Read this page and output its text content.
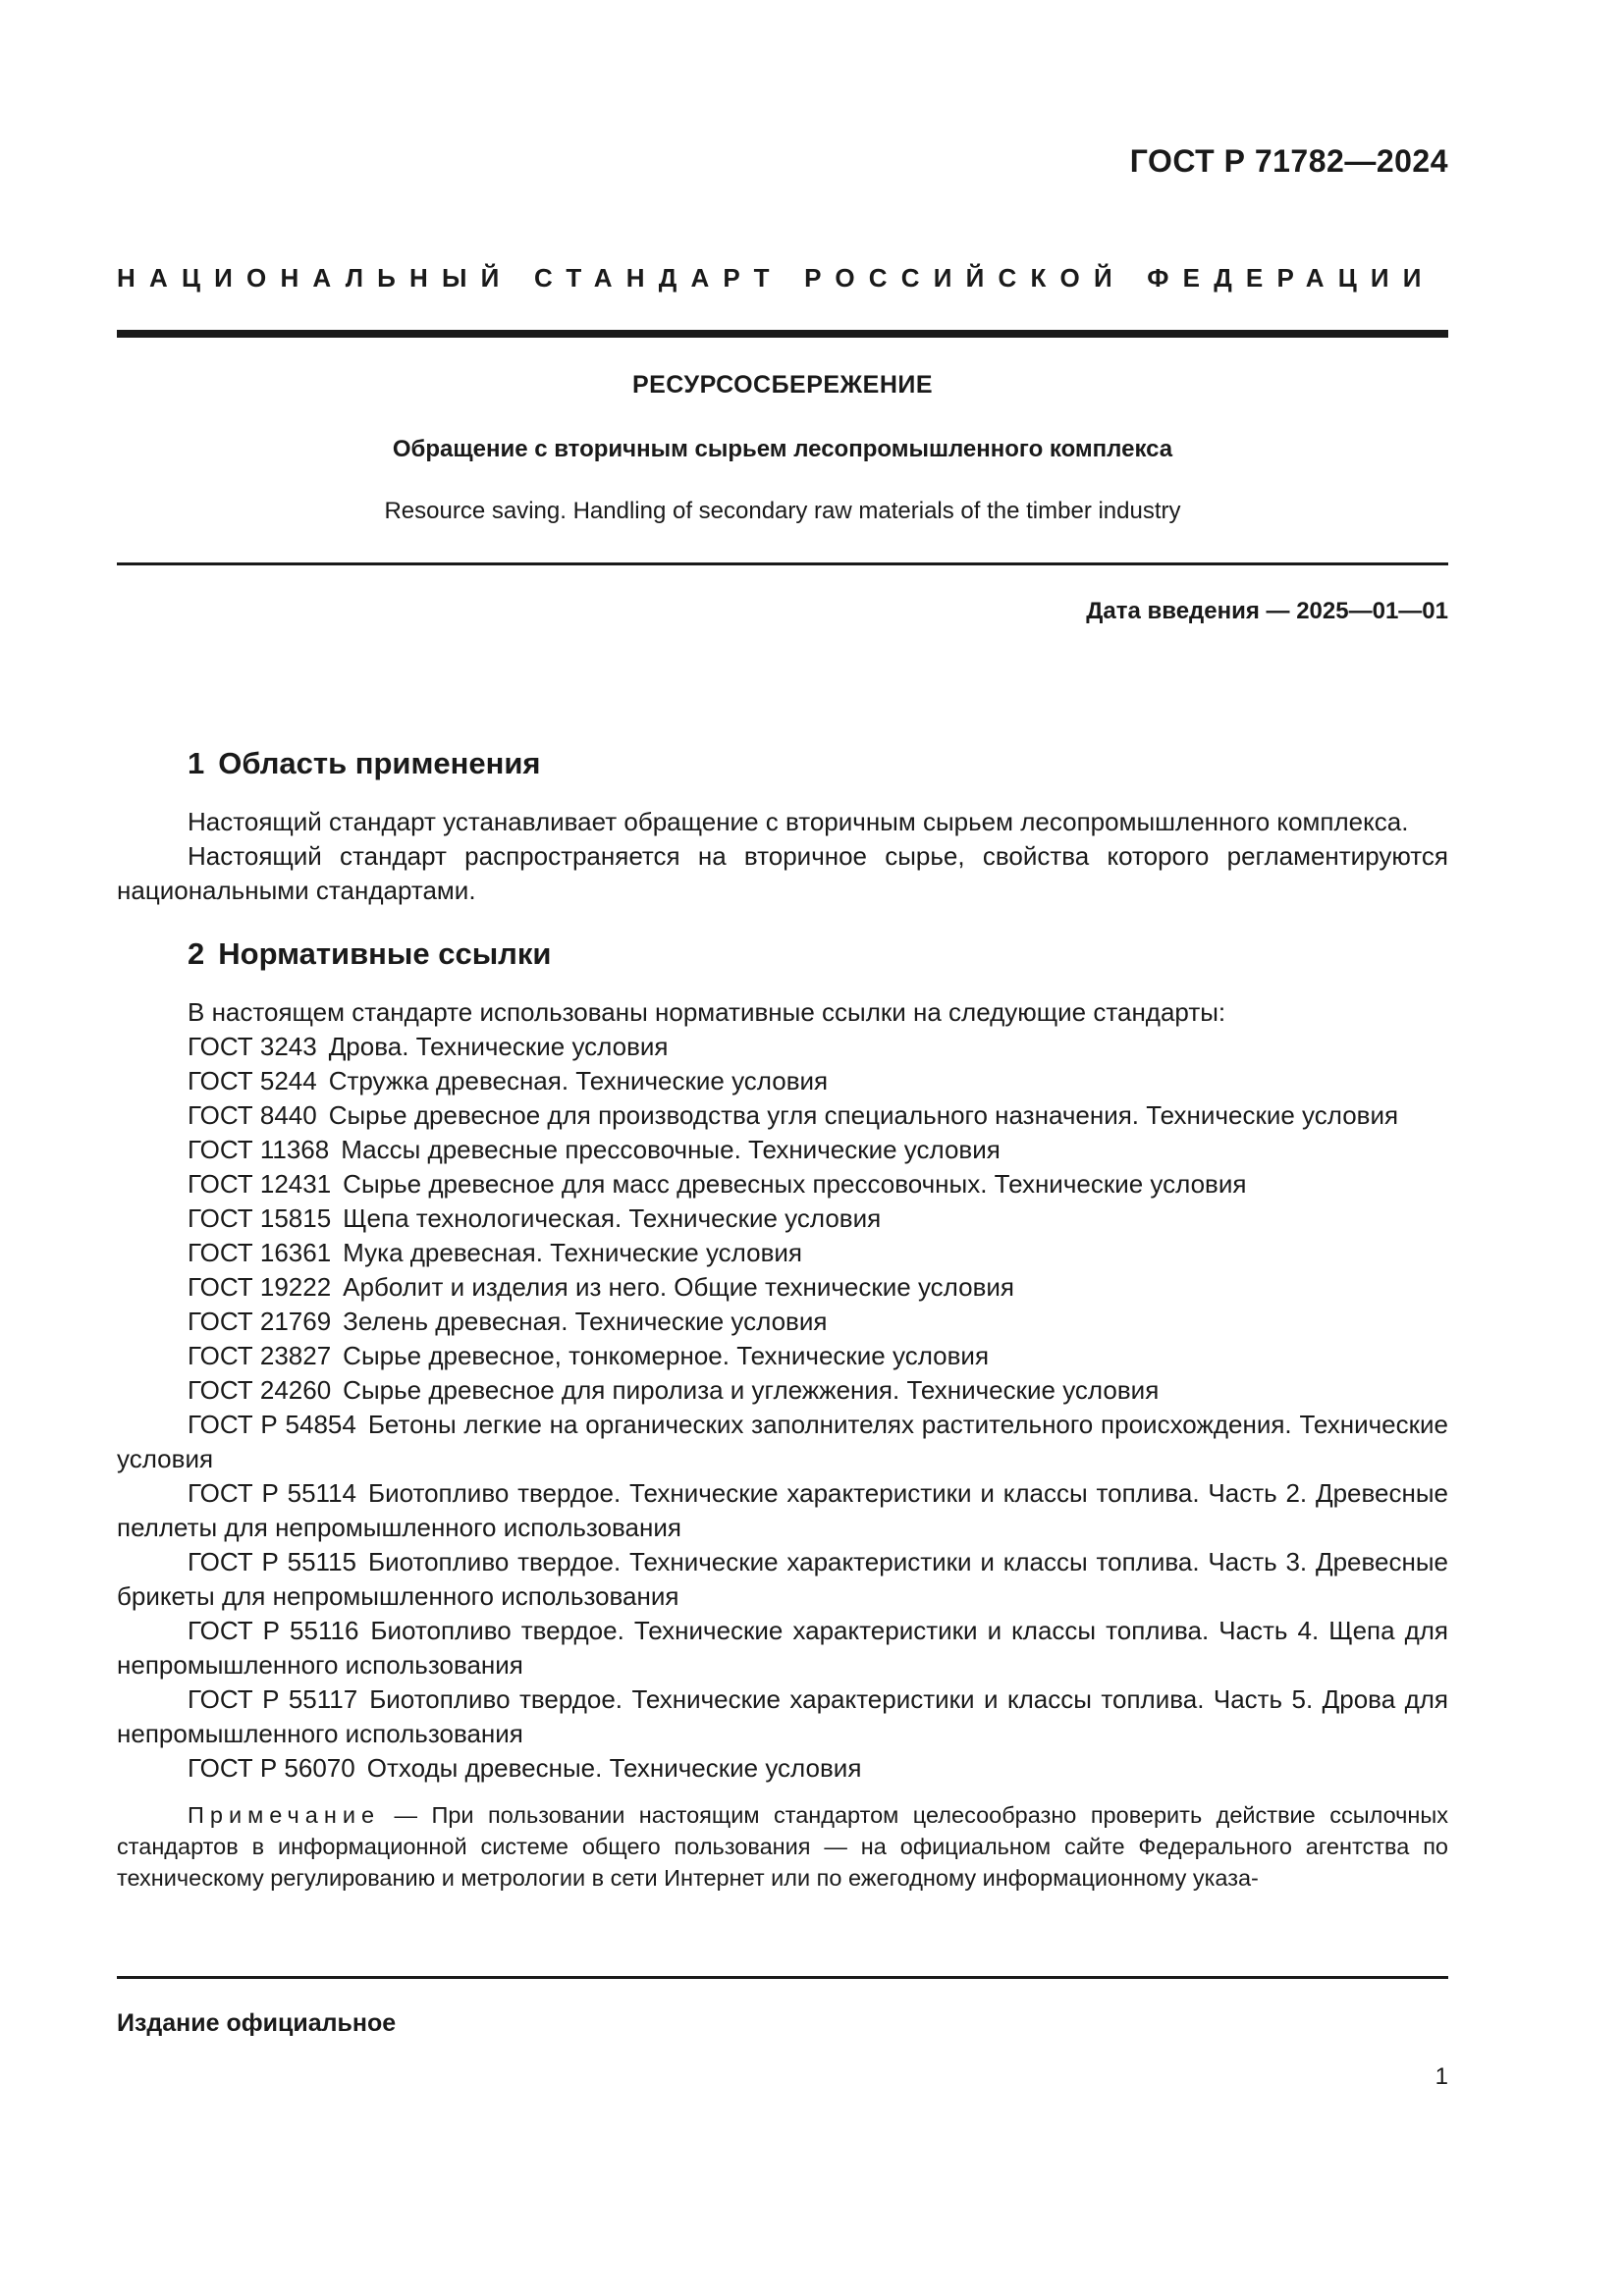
ГОСТ Р 71782—2024
НАЦИОНАЛЬНЫЙ СТАНДАРТ РОССИЙСКОЙ ФЕДЕРАЦИИ
РЕСУРСОСБЕРЕЖЕНИЕ
Обращение с вторичным сырьем лесопромышленного комплекса
Resource saving. Handling of secondary raw materials of the timber industry
Дата введения — 2025—01—01
1 Область применения

Настоящий стандарт устанавливает обращение с вторичным сырьем лесопромышленного комплекса.

Настоящий стандарт распространяется на вторичное сырье, свойства которого регламентируются национальными стандартами.

2 Нормативные ссылки

В настоящем стандарте использованы нормативные ссылки на следующие стандарты:

ГОСТ 3243 Дрова. Технические условия

ГОСТ 5244 Стружка древесная. Технические условия

ГОСТ 8440 Сырье древесное для производства угля специального назначения. Технические условия

ГОСТ 11368 Массы древесные прессовочные. Технические условия

ГОСТ 12431 Сырье древесное для масс древесных прессовочных. Технические условия

ГОСТ 15815 Щепа технологическая. Технические условия

ГОСТ 16361 Мука древесная. Технические условия

ГОСТ 19222 Арболит и изделия из него. Общие технические условия

ГОСТ 21769 Зелень древесная. Технические условия

ГОСТ 23827 Сырье древесное, тонкомерное. Технические условия

ГОСТ 24260 Сырье древесное для пиролиза и углежжения. Технические условия

ГОСТ Р 54854 Бетоны легкие на органических заполнителях растительного происхождения. Технические условия

ГОСТ Р 55114 Биотопливо твердое. Технические характеристики и классы топлива. Часть 2. Древесные пеллеты для непромышленного использования

ГОСТ Р 55115 Биотопливо твердое. Технические характеристики и классы топлива. Часть 3. Древесные брикеты для непромышленного использования

ГОСТ Р 55116 Биотопливо твердое. Технические характеристики и классы топлива. Часть 4. Щепа для непромышленного использования

ГОСТ Р 55117 Биотопливо твердое. Технические характеристики и классы топлива. Часть 5. Дрова для непромышленного использования

ГОСТ Р 56070 Отходы древесные. Технические условия

Примечание — При пользовании настоящим стандартом целесообразно проверить действие ссылочных стандартов в информационной системе общего пользования — на официальном сайте Федерального агентства по техническому регулированию и метрологии в сети Интернет или по ежегодному информационному указа-

Издание официальное
1
